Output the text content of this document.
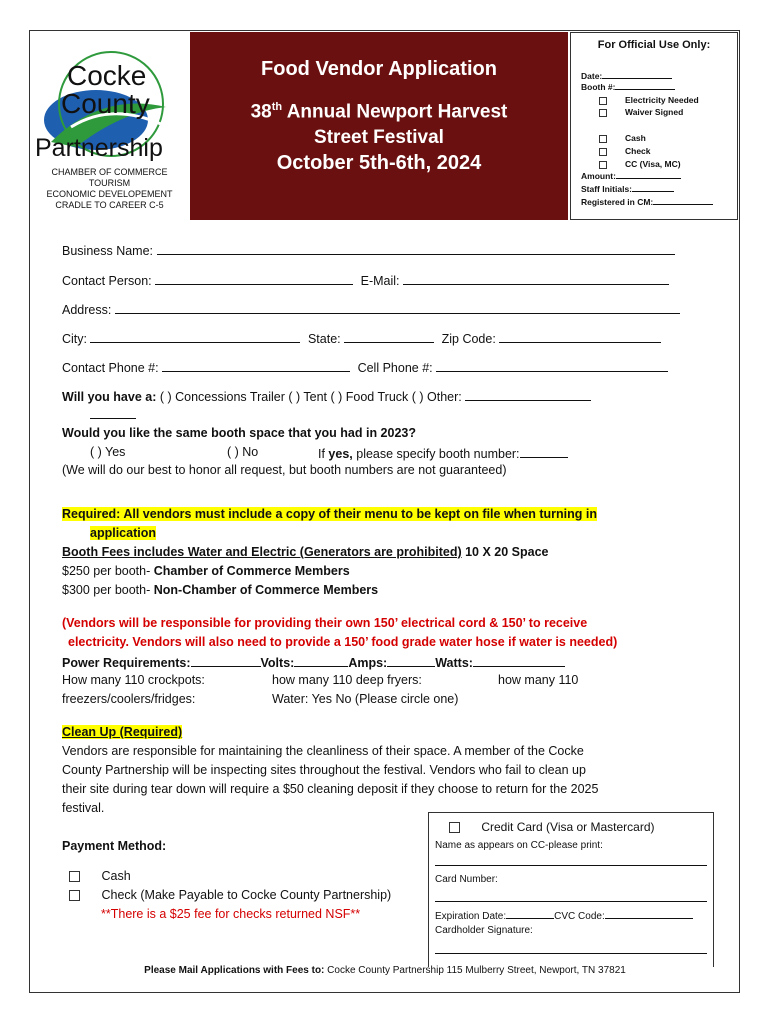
Cocke
County
Partnership
CHAMBER OF COMMERCE
TOURISM
ECONOMIC DEVELOPEMENT
CRADLE TO CAREER C-5
Food Vendor Application
38th Annual Newport Harvest
Street Festival
October 5th-6th, 2024
For Official Use Only:
Date:
Booth #:
Electricity Needed
Waiver Signed
Cash
Check
CC (Visa, MC)
Amount:
Staff Initials:
Registered in CM:
Business Name:
Contact Person:	E-Mail:
Address:
City:	State:	Zip Code:
Contact Phone #:	Cell Phone #:
Will you have a: ( ) Concessions Trailer ( ) Tent ( ) Food Truck ( ) Other:
Would you like the same booth space that you had in 2023?
( ) Yes	( ) No	If yes, please specify booth number:
(We will do our best to honor all request, but booth numbers are not guaranteed)
Required: All vendors must include a copy of their menu to be kept on file when turning in
application
Booth Fees includes Water and Electric (Generators are prohibited) 10 X 20 Space
$250 per booth- Chamber of Commerce Members
$300 per booth- Non-Chamber of Commerce Members
(Vendors will be responsible for providing their own 150’ electrical cord & 150’ to receive
electricity. Vendors will also need to provide a 150’ food grade water hose if water is needed)
Power Requirements:	Volts:	Amps:	Watts:
How many 110 crockpots:	how many 110 deep fryers:	how many 110
freezers/coolers/fridges:	Water: Yes No (Please circle one)
Clean Up (Required)
Vendors are responsible for maintaining the cleanliness of their space. A member of the Cocke
County Partnership will be inspecting sites throughout the festival. Vendors who fail to clean up
their site during tear down will require a $50 cleaning deposit if they choose to return for the 2025
festival.
Payment Method:
Cash
Check (Make Payable to Cocke County Partnership)
**There is a $25 fee for checks returned NSF**
Credit Card (Visa or Mastercard)
Name as appears on CC-please print:
Card Number:
Expiration Date:	CVC Code:
Cardholder Signature:
Please Mail Applications with Fees to: Cocke County Partnership 115 Mulberry Street, Newport, TN 37821
